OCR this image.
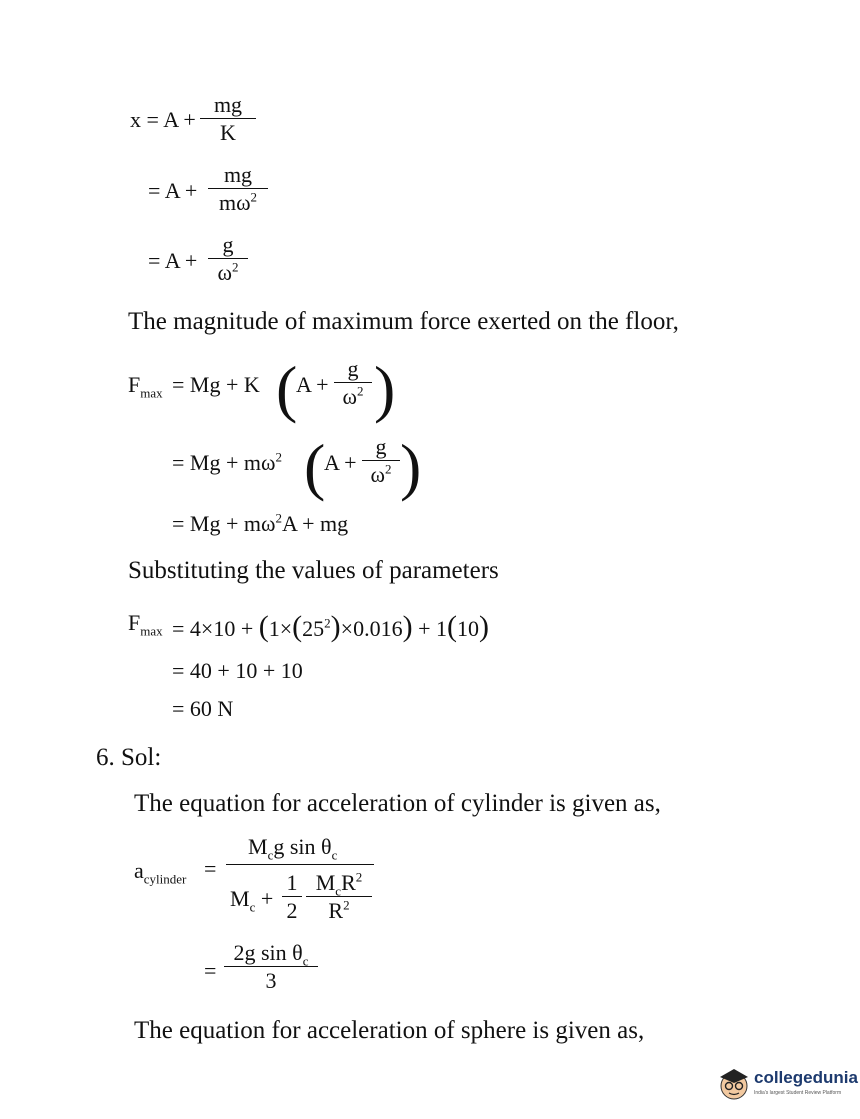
x = A +
mg
K
= A +
mg
$m\omega^2$
= A +
g
$\omega^2$
The magnitude of maximum force exerted on the floor,
$F_{max} = Mg + K$ (
A +
g
$\omega^2$ )
= $Mg + m\omega^2$ (
A +
g
$\omega^2$ )
= $Mg + m\omega^2A$ + mg
Substituting the values of parameters
$F_{max} = 4\times 10 + (1\times(25^2)\times 0.016) + 1(10)$
= 40 + 10 + 10
= 60 N
6. Sol:
The equation for acceleration of cylinder is given as,
$a_{cylinder}$ =
$M_cg$ $\sin \theta_c$
$M_c$ +
1
2
$M_cR^2$
$R^2$
=
2g $\sin \theta_c$
3
The equation for acceleration of sphere is given as,
collegedunia
India's largest Student Review Platform
